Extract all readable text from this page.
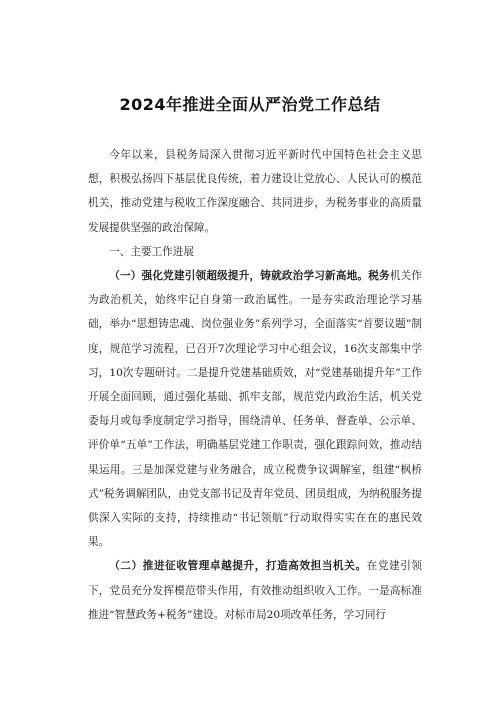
2024年推进全面从严治党工作总结

今年以来，县税务局深入贯彻习近平新时代中国特色社会主义思想，积极弘扬四下基层优良传统，着力建设让党放心、人民认可的模范机关，推动党建与税收工作深度融合、共同进步，为税务事业的高质量发展提供坚强的政治保障。

一、主要工作进展

（一）强化党建引领超级提升，铸就政治学习新高地。税务机关作为政治机关，始终牢记自身第一政治属性。一是夯实政治理论学习基础，举办“思想铸忠魂、岗位强业务”系列学习，全面落实“首要议题”制度，规范学习流程，已召开7次理论学习中心组会议，16次支部集中学习，10次专题研讨。二是提升党建基础质效，对“党建基础提升年”工作开展全面回顾，通过强化基础、抓牢支部，规范党内政治生活，机关党委每月或每季度制定学习指导，围绕清单、任务单、督查单、公示单、评价单“五单”工作法，明确基层党建工作职责，强化跟踪问效，推动结果运用。三是加深党建与业务融合，成立税费争议调解室，组建“枫桥式”税务调解团队，由党支部书记及青年党员、团员组成，为纳税服务提供深入实际的支持，持续推动“书记领航”行动取得实实在在的惠民效果。

（二）推进征收管理卓越提升，打造高效担当机关。在党建引领下，党员充分发挥模范带头作用，有效推动组织收入工作。一是高标准推进“智慧政务+税务”建设。对标市局20项改革任务，学习同行
